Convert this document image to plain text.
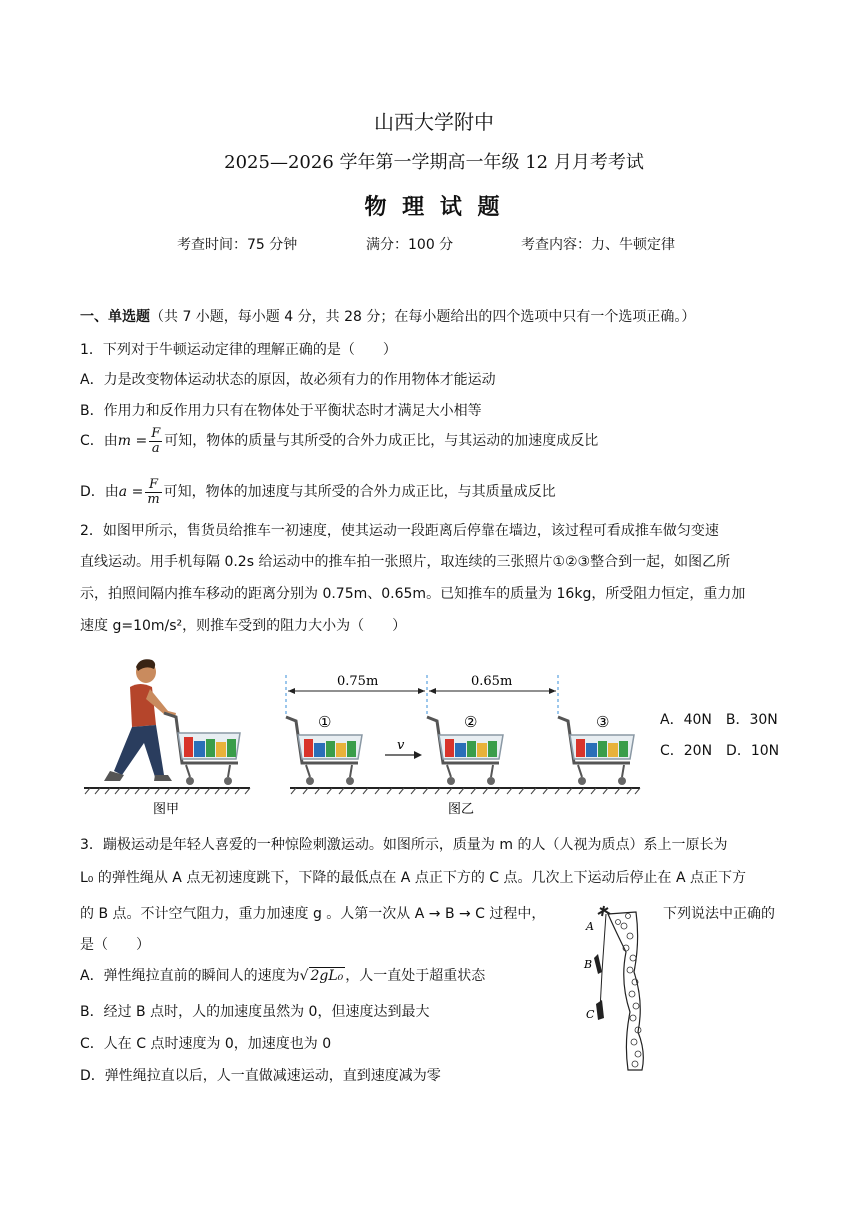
山西大学附中
2025—2026 学年第一学期高一年级 12 月月考考试
物 理 试 题
考查时间：75 分钟	满分：100 分	考查内容：力、牛顿定律
一、单选题（共 7 小题，每小题 4 分，共 28 分；在每小题给出的四个选项中只有一个选项正确。）
1．下列对于牛顿运动定律的理解正确的是（　　）
A．力是改变物体运动状态的原因，故必须有力的作用物体才能运动
B．作用力和反作用力只有在物体处于平衡状态时才满足大小相等
C．由$m = \frac{F}{a}$ 可知，物体的质量与其所受的合外力成正比，与其运动的加速度成反比
D．由$a = \frac{F}{m}$ 可知，物体的加速度与其所受的合外力成正比，与其质量成反比
2．如图甲所示，售货员给推车一初速度，使其运动一段距离后停靠在墙边，该过程可看成推车做匀变速
直线运动。用手机每隔 0.2s 给运动中的推车拍一张照片，取连续的三张照片①②③整合到一起，如图乙所
示，拍照间隔内推车移动的距离分别为 0.75m、0.65m。已知推车的质量为 16kg，所受阻力恒定，重力加
速度 g=10m/s²，则推车受到的阻力大小为（　　）
图甲
0.75m	0.65m
①
v
②	③
图乙
A．40N　B．30N
C．20N　D．10N
3．蹦极运动是年轻人喜爱的一种惊险刺激运动。如图所示，质量为 m 的人（人视为质点）系上一原长为
L₀ 的弹性绳从 A 点无初速度跳下，下降的最低点在 A 点正下方的 C 点。几次上下运动后停止在 A 点正下方
的 B 点。不计空气阻力，重力加速度 g 。人第一次从 A → B → C 过程中，	下列说法中正确的
是（　　）
A．弹性绳拉直前的瞬间人的速度为√ 2gL₀ ，人一直处于超重状态
B．经过 B 点时，人的加速度虽然为 0，但速度达到最大
C．人在 C 点时速度为 0，加速度也为 0
D．弹性绳拉直以后，人一直做减速运动，直到速度减为零
A
B
C
